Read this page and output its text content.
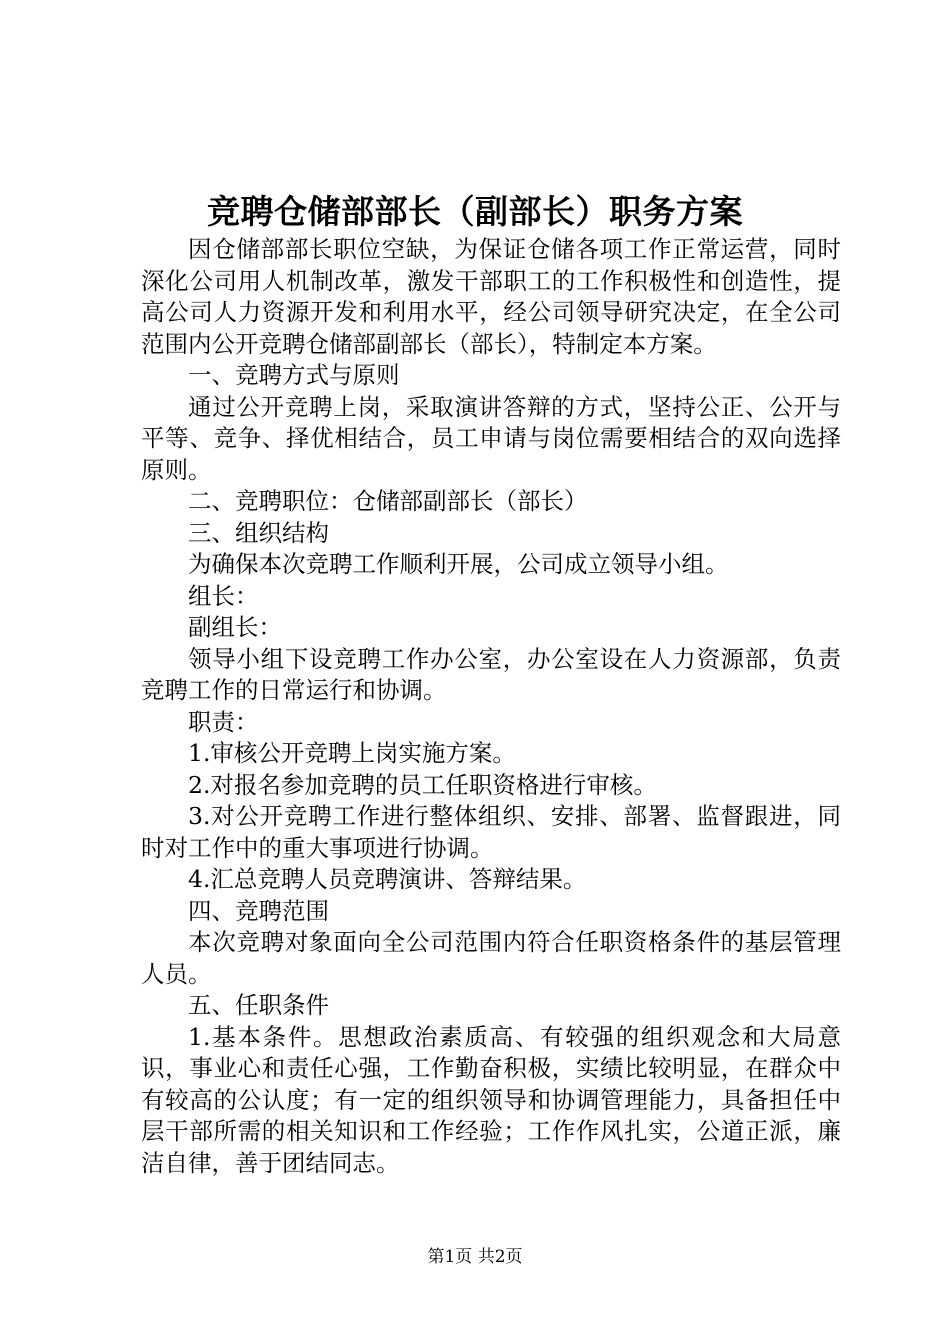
竞聘仓储部部长（副部长）职务方案

因仓储部部长职位空缺，为保证仓储各项工作正常运营，同时深化公司用人机制改革，激发干部职工的工作积极性和创造性，提高公司人力资源开发和利用水平，经公司领导研究决定，在全公司范围内公开竞聘仓储部副部长（部长），特制定本方案。

一、竞聘方式与原则

通过公开竞聘上岗，采取演讲答辩的方式，坚持公正、公开与平等、竞争、择优相结合，员工申请与岗位需要相结合的双向选择原则。

二、竞聘职位：仓储部副部长（部长）

三、组织结构

为确保本次竞聘工作顺利开展，公司成立领导小组。

组长：

副组长：

领导小组下设竞聘工作办公室，办公室设在人力资源部，负责竞聘工作的日常运行和协调。

职责：

1.审核公开竞聘上岗实施方案。

2.对报名参加竞聘的员工任职资格进行审核。

3.对公开竞聘工作进行整体组织、安排、部署、监督跟进，同时对工作中的重大事项进行协调。

4.汇总竞聘人员竞聘演讲、答辩结果。

四、竞聘范围

本次竞聘对象面向全公司范围内符合任职资格条件的基层管理人员。

五、任职条件

1.基本条件。思想政治素质高、有较强的组织观念和大局意识，事业心和责任心强，工作勤奋积极，实绩比较明显，在群众中有较高的公认度；有一定的组织领导和协调管理能力，具备担任中层干部所需的相关知识和工作经验；工作作风扎实，公道正派，廉洁自律，善于团结同志。

第1页 共2页
